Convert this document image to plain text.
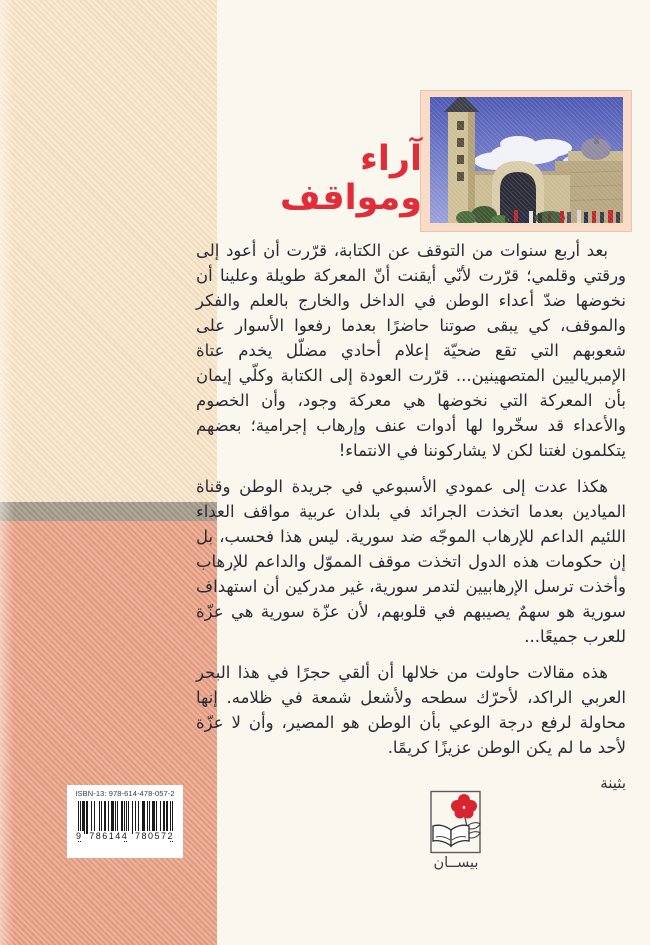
آراء
ومواقف

بعد أربع سنوات من التوقف عن الكتابة، قرّرت أن أعود إلى ورقتي وقلمي؛ قرّرت لأنّي أيقنت أنّ المعركة طويلة وعلينا أن نخوضها ضدّ أعداء الوطن في الداخل والخارج بالعلم والفكر والموقف، كي يبقى صوتنا حاضرًا بعدما رفعوا الأسوار على شعوبهم التي تقع ضحيّة إعلام أحادي مضلّل يخدم عتاة الإمبرياليين المتصهينين... قرّرت العودة إلى الكتابة وكلّي إيمان بأن المعركة التي نخوضها هي معركة وجود، وأن الخصوم والأعداء قد سخّروا لها أدوات عنف وإرهاب إجرامية؛ بعضهم يتكلمون لغتنا لكن لا يشاركوننا في الانتماء!

هكذا عدت إلى عمودي الأسبوعي في جريدة الوطن وقناة الميادين بعدما اتخذت الجرائد في بلدان عربية مواقف العداء اللئيم الداعم للإرهاب الموجّه ضد سورية. ليس هذا فحسب، بل إن حكومات هذه الدول اتخذت موقف المموّل والداعم للإرهاب وأخذت ترسل الإرهابيين لتدمر سورية، غير مدركين أن استهداف سورية هو سهمٌ يصيبهم في قلوبهم، لأن عزّة سورية هي عزّة للعرب جميعًا...

هذه مقالات حاولت من خلالها أن ألقي حجرًا في هذا البحر العربي الراكد، لأحرّك سطحه ولأشعل شمعة في ظلامه. إنها محاولة لرفع درجة الوعي بأن الوطن هو المصير، وأن لا عزّة لأحد ما لم يكن الوطن عزيزًا كريمًا.

بثينة
ISBN-13: 978-614-478-057-2
9 786144 780572
بيســان
